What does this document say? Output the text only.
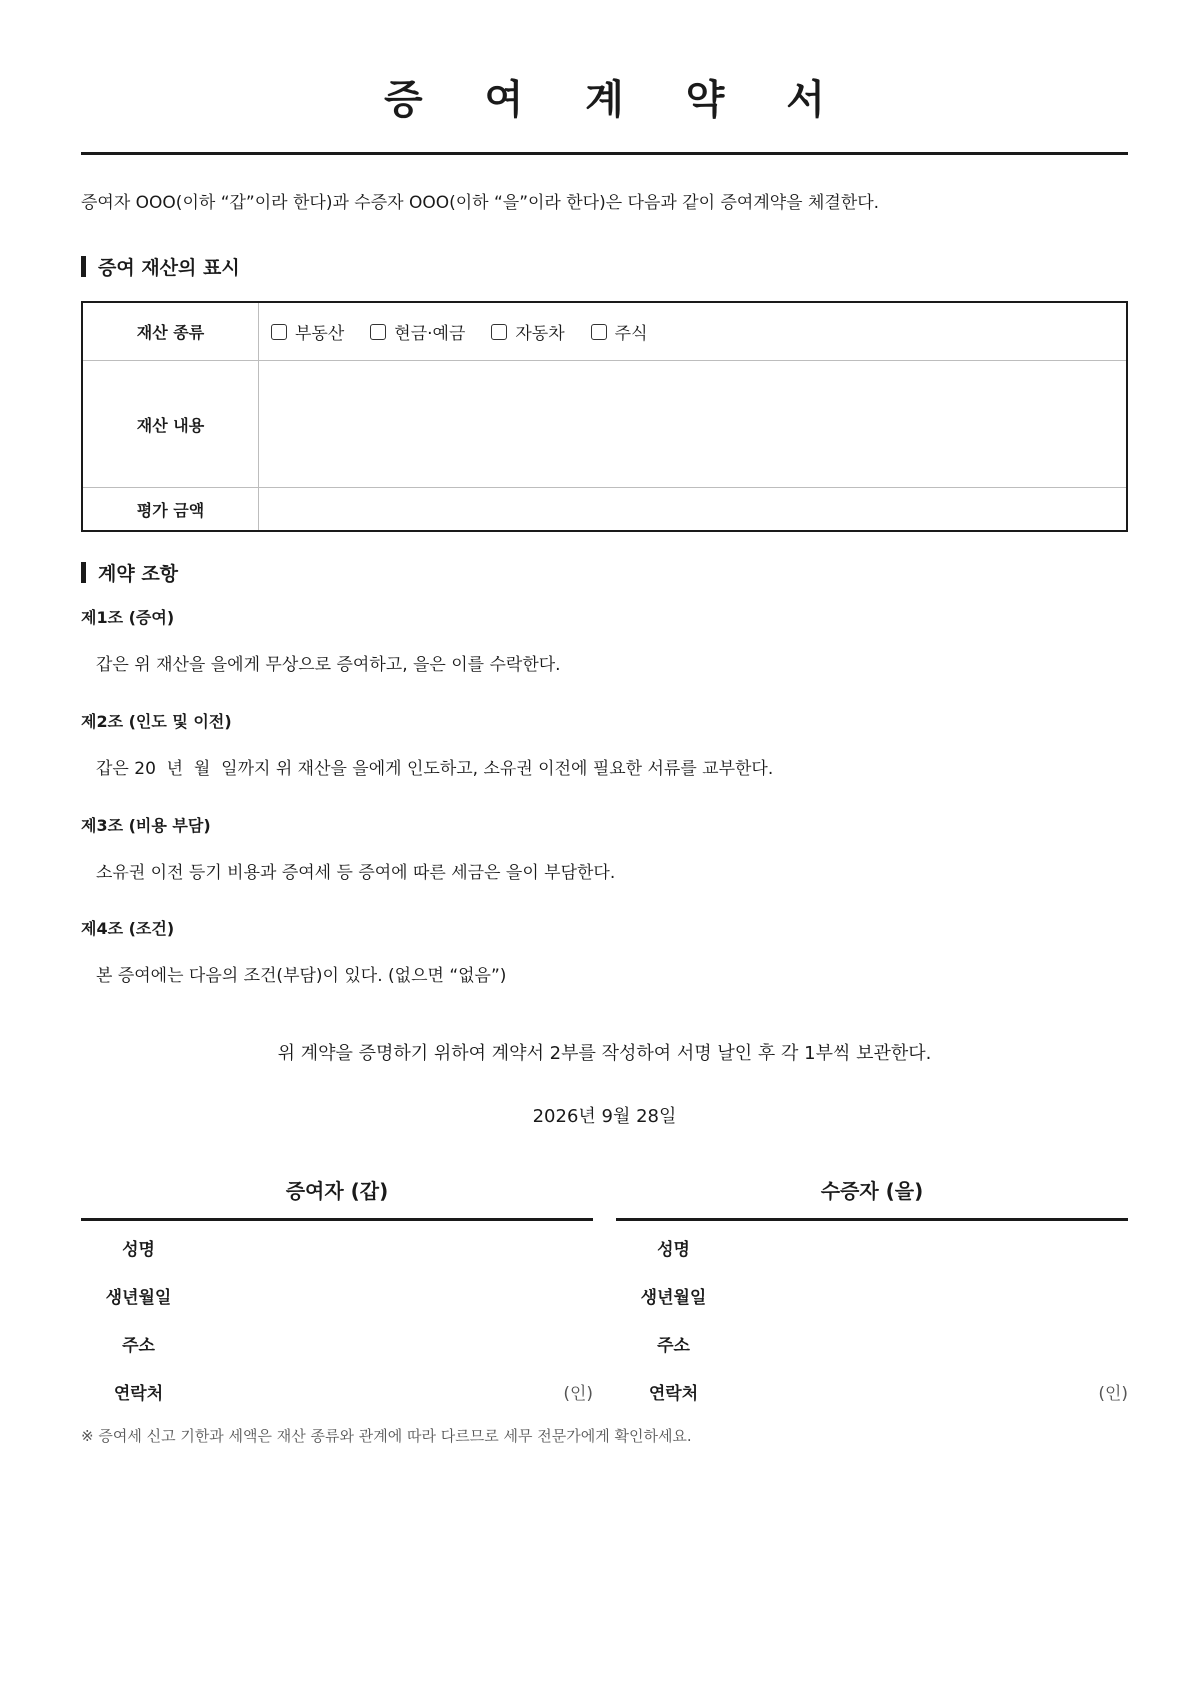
증 여 계 약 서
증여자 OOO(이하 “갑”이라 한다)과 수증자 OOO(이하 “을”이라 한다)은 다음과 같이 증여계약을 체결한다.
증여 재산의 표시
재산 종류	부동산 현금·예금 자동차 주식

재산 내용	
평가 금액	
계약 조항
제1조 (증여)
갑은 위 재산을 을에게 무상으로 증여하고, 을은 이를 수락한다.
제2조 (인도 및 이전)
갑은 20  년  월  일까지 위 재산을 을에게 인도하고, 소유권 이전에 필요한 서류를 교부한다.
제3조 (비용 부담)
소유권 이전 등기 비용과 증여세 등 증여에 따른 세금은 을이 부담한다.
제4조 (조건)
본 증여에는 다음의 조건(부담)이 있다. (없으면 “없음”)
위 계약을 증명하기 위하여 계약서 2부를 작성하여 서명 날인 후 각 1부씩 보관한다.
2026년 9월 28일
증여자 (갑)
성명
생년월일
주소
연락처	(인)
수증자 (을)
성명
생년월일
주소
연락처	(인)
※ 증여세 신고 기한과 세액은 재산 종류와 관계에 따라 다르므로 세무 전문가에게 확인하세요.
